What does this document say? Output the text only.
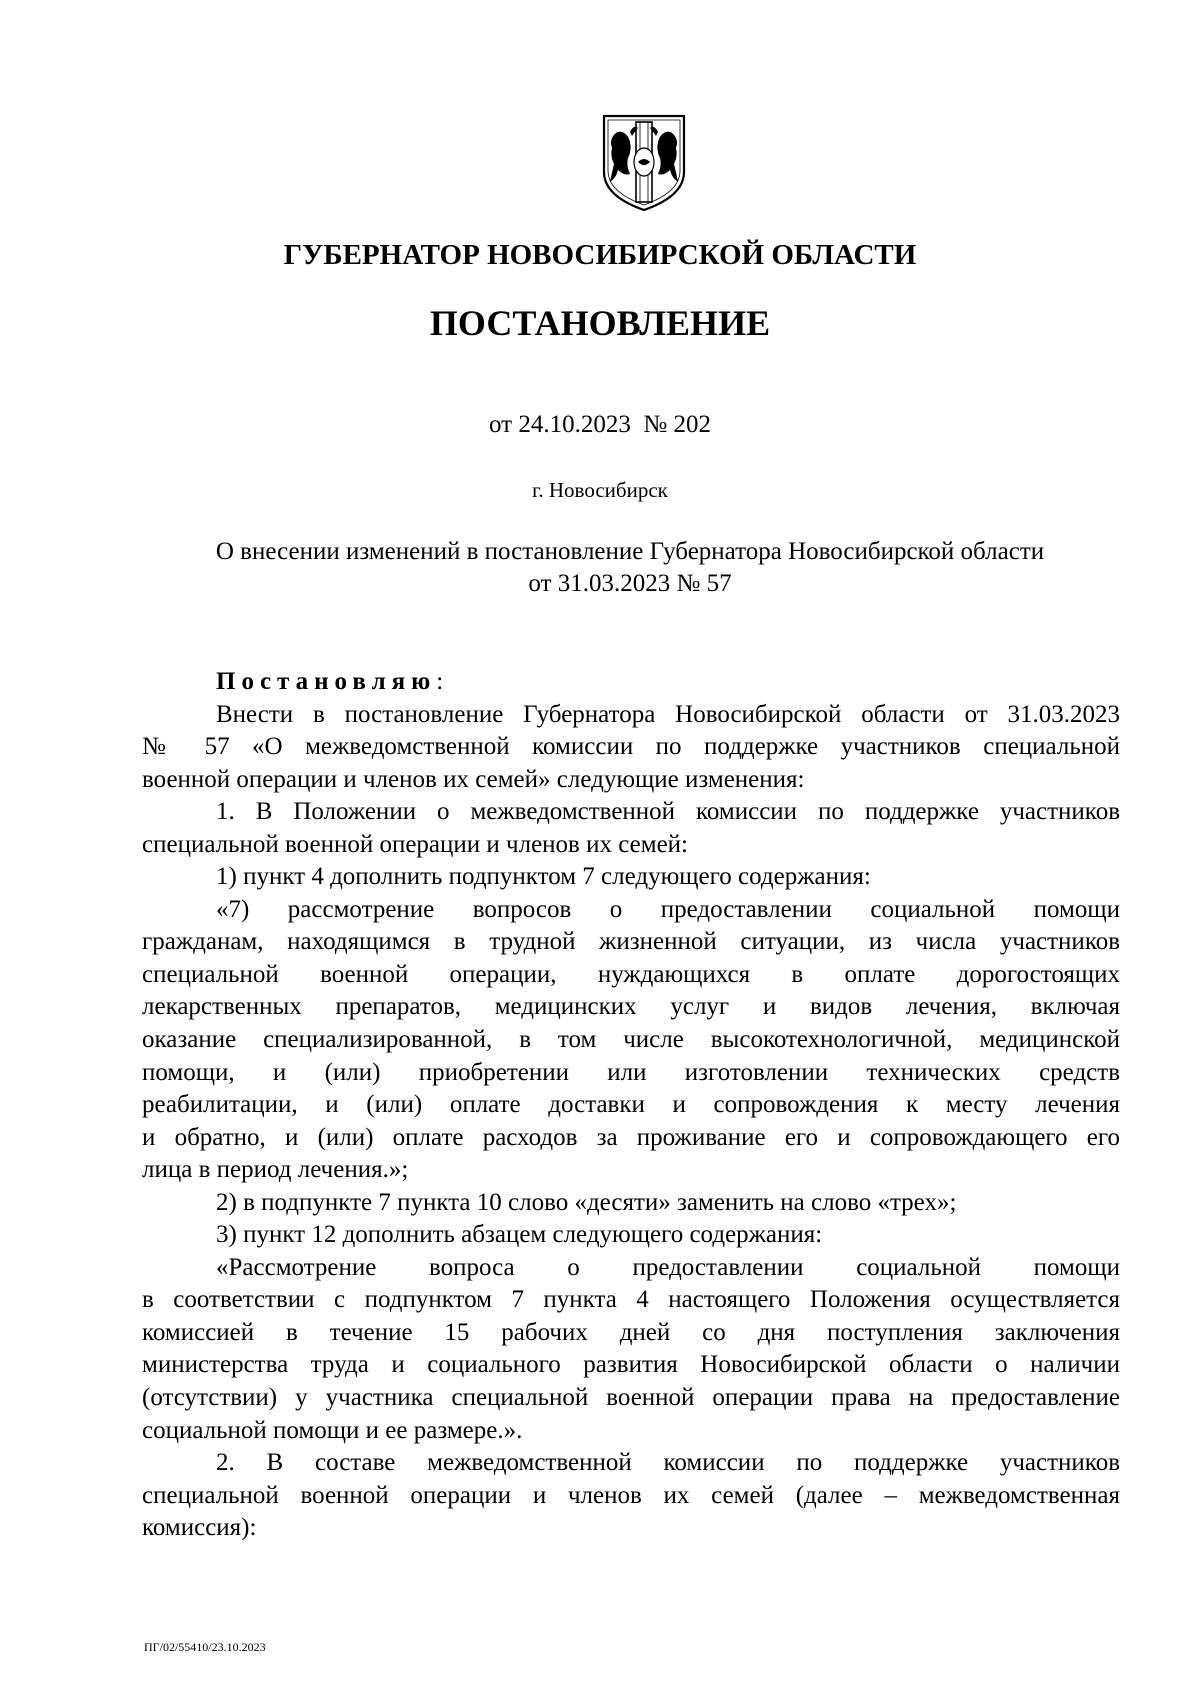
ГУБЕРНАТОР НОВОСИБИРСКОЙ ОБЛАСТИ
ПОСТАНОВЛЕНИЕ
от 24.10.2023  № 202
г. Новосибирск
О внесении изменений в постановление Губернатора Новосибирской области
от 31.03.2023 № 57
Постановляю:
Внести в постановление Губернатора Новосибирской области от 31.03.2023
№ 57 «О межведомственной комиссии по поддержке участников специальной
военной операции и членов их семей» следующие изменения:
1. В Положении о межведомственной комиссии по поддержке участников
специальной военной операции и членов их семей:
1) пункт 4 дополнить подпунктом 7 следующего содержания:
«7) рассмотрение вопросов о предоставлении социальной помощи
гражданам, находящимся в трудной жизненной ситуации, из числа участников
специальной военной операции, нуждающихся в оплате дорогостоящих
лекарственных препаратов, медицинских услуг и видов лечения, включая
оказание специализированной, в том числе высокотехнологичной, медицинской
помощи, и (или) приобретении или изготовлении технических средств
реабилитации, и (или) оплате доставки и сопровождения к месту лечения
и обратно, и (или) оплате расходов за проживание его и сопровождающего его
лица в период лечения.»;
2) в подпункте 7 пункта 10 слово «десяти» заменить на слово «трех»;
3) пункт 12 дополнить абзацем следующего содержания:
«Рассмотрение вопроса о предоставлении социальной помощи
в соответствии с подпунктом 7 пункта 4 настоящего Положения осуществляется
комиссией в течение 15 рабочих дней со дня поступления заключения
министерства труда и социального развития Новосибирской области о наличии
(отсутствии) у участника специальной военной операции права на предоставление
социальной помощи и ее размере.».
2. В составе межведомственной комиссии по поддержке участников
специальной военной операции и членов их семей (далее – межведомственная
комиссия):
ПГ/02/55410/23.10.2023
